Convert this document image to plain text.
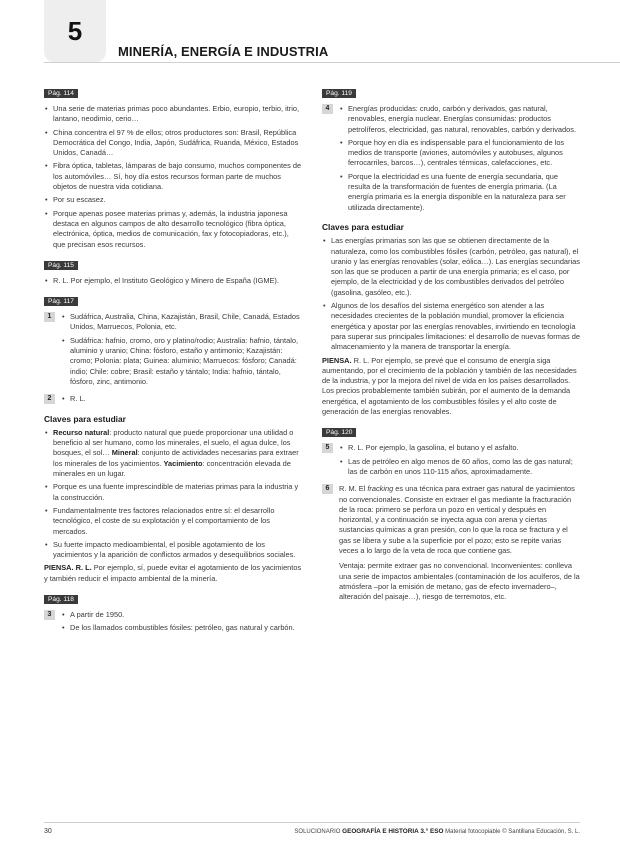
5
MINERÍA, ENERGÍA E INDUSTRIA
Pág. 114
• Una serie de materias primas poco abundantes. Erbio, europio, terbio, itrio, lantano, neodimio, cerio…
• China concentra el 97 % de ellos; otros productores son: Brasil, República Democrática del Congo, India, Japón, Sudáfrica, Ruanda, México, Estados Unidos, Canadá…
• Fibra óptica, tabletas, lámparas de bajo consumo, muchos componentes de los automóviles… Sí, hoy día estos recursos forman parte de muchos objetos de nuestra vida cotidiana.
• Por su escasez.
• Porque apenas posee materias primas y, además, la industria japonesa destaca en algunos campos de alto desarrollo tecnológico (fibra óptica, electrónica, óptica, medios de comunicación, fax y fotocopiadoras, etc.), que precisan esos recursos.
Pág. 115
• R. L. Por ejemplo, el Instituto Geológico y Minero de España (IGME).
Pág. 117
1	• Sudáfrica, Australia, China, Kazajistán, Brasil, Chile, Canadá, Estados Unidos, Marruecos, Polonia, etc.
• Sudáfrica: hafnio, cromo, oro y platino/rodio; Australia: hafnio, tántalo, aluminio y uranio; China: fósforo, estaño y antimonio; Kazajistán: cromo; Polonia: plata; Guinea: aluminio; Marruecos: fósforo; Canadá: indio; Chile: cobre; Brasil: estaño y tántalo; India: hafnio, tántalo, fósforo, zinc, antimonio.
2	• R. L.
Claves para estudiar
• Recurso natural: producto natural que puede proporcionar una utilidad o beneficio al ser humano, como los minerales, el suelo, el agua dulce, los bosques, el sol… Mineral: conjunto de actividades necesarias para extraer los minerales de los yacimientos. Yacimiento: concentración elevada de minerales en un lugar.
• Porque es una fuente imprescindible de materias primas para la industria y la construcción.
• Fundamentalmente tres factores relacionados entre sí: el desarrollo tecnológico, el coste de su explotación y el comportamiento de los mercados.
• Su fuerte impacto medioambiental, el posible agotamiento de los yacimientos y la aparición de conflictos armados y desequilibrios sociales.

PIENSA. R. L. Por ejemplo, sí, puede evitar el agotamiento de los yacimientos y también reducir el impacto ambiental de la minería.

Pág. 118
3	• A partir de 1950.
• De los llamados combustibles fósiles: petróleo, gas natural y carbón.
Pág. 119
4	• Energías producidas: crudo, carbón y derivados, gas natural, renovables, energía nuclear. Energías consumidas: productos petrolíferos, electricidad, gas natural, renovables, carbón y derivados.
• Porque hoy en día es indispensable para el funcionamiento de los medios de transporte (aviones, automóviles y autobuses, algunos ferrocarriles, barcos…), centrales térmicas, calefacciones, etc.
• Porque la electricidad es una fuente de energía secundaria, que resulta de la transformación de fuentes de energía primaria. (La energía primaria es la energía disponible en la naturaleza para ser utilizada directamente).
Claves para estudiar
• Las energías primarias son las que se obtienen directamente de la naturaleza, como los combustibles fósiles (carbón, petróleo, gas natural), el uranio y las energías renovables (solar, eólica…). Las energías secundarias son las que se producen a partir de una energía primaria; es el caso, por ejemplo, de la electricidad y de los combustibles derivados del petróleo (gasolina, gasóleo, etc.).
• Algunos de los desafíos del sistema energético son atender a las necesidades crecientes de la población mundial, promover la eficiencia energética y apostar por las energías renovables, invirtiendo en tecnología para superar sus principales limitaciones: el desarrollo de nuevas formas de almacenamiento y la manera de transportar la energía.

PIENSA. R. L. Por ejemplo, se prevé que el consumo de energía siga aumentando, por el crecimiento de la población y también de las necesidades de la industria, y por la mejora del nivel de vida en los países desarrollados. Los precios probablemente también subirán, por el aumento de la demanda energética, el agotamiento de los combustibles fósiles y el alto coste de generación de las energías renovables.

Pág. 120
5	• R. L. Por ejemplo, la gasolina, el butano y el asfalto.
• Las de petróleo en algo menos de 60 años, como las de gas natural; las de carbón en unos 110-115 años, aproximadamente.
6	R. M. El fracking es una técnica para extraer gas natural de yacimientos no convencionales. Consiste en extraer el gas mediante la fracturación de la roca: primero se perfora un pozo en vertical y después en horizontal, y a continuación se inyecta agua con arena y ciertas sustancias químicas a gran presión, con lo que la roca se fractura y el gas se libera y sube a la superficie por el pozo; esto se repite varias veces a lo largo de la veta de roca que contiene gas.

Ventaja: permite extraer gas no convencional. Inconvenientes: conlleva una serie de impactos ambientales (contaminación de los acuíferos, de la atmósfera –por la emisión de metano, gas de efecto invernadero–, alteración del paisaje…), riesgo de terremotos, etc.

30	SOLUCIONARIO GEOGRAFÍA E HISTORIA 3.° ESO Material fotocopiable © Santillana Educación, S. L.
